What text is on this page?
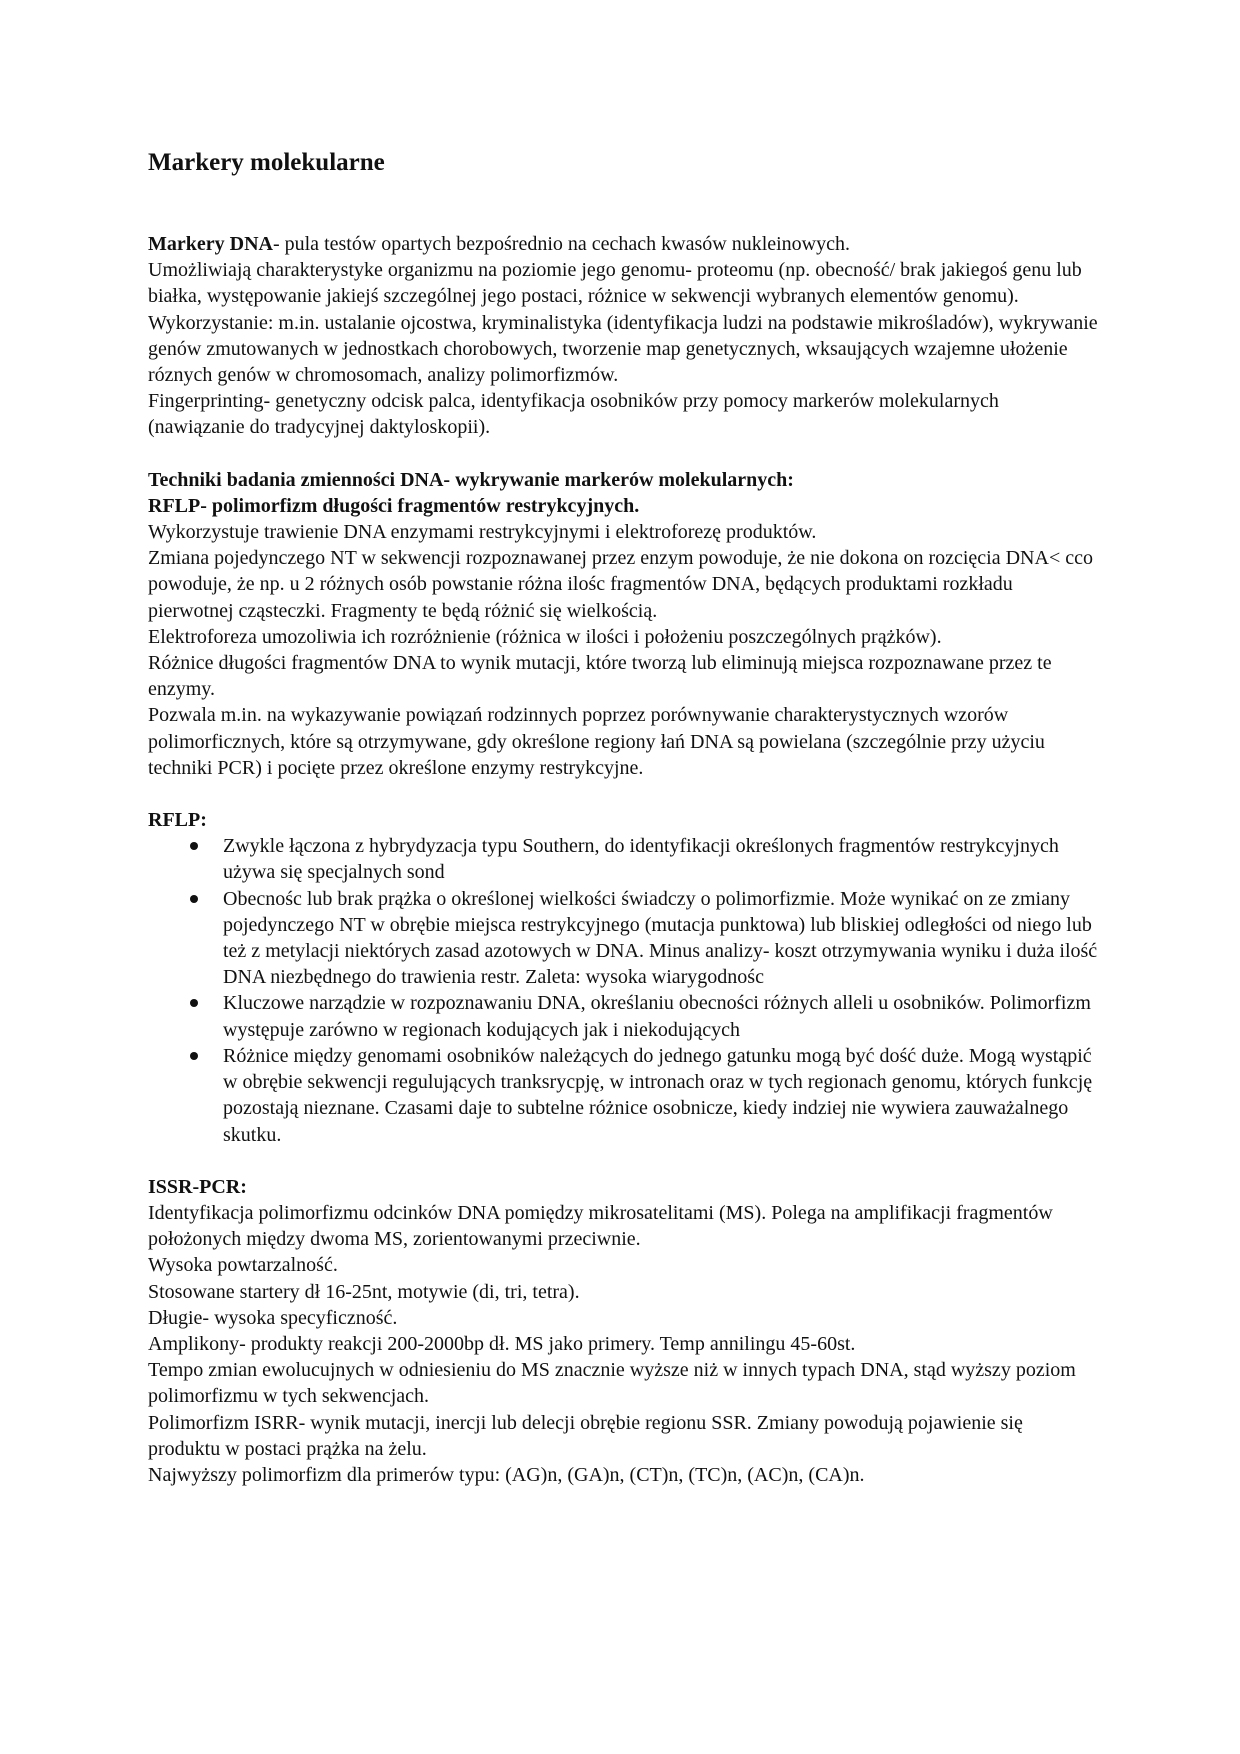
Markery molekularne

Markery DNA- pula testów opartych bezpośrednio na cechach kwasów nukleinowych.

Umożliwiają charakterystyke organizmu na poziomie jego genomu- proteomu (np. obecność/ brak jakiegoś genu lub białka, występowanie jakiejś szczególnej jego postaci, różnice w sekwencji wybranych elementów genomu).

Wykorzystanie: m.in. ustalanie ojcostwa, kryminalistyka (identyfikacja ludzi na podstawie mikrośladów), wykrywanie genów zmutowanych w jednostkach chorobowych, tworzenie map genetycznych, wksaujących wzajemne ułożenie róznych genów w chromosomach, analizy polimorfizmów.

Fingerprinting- genetyczny odcisk palca, identyfikacja osobników przy pomocy markerów molekularnych (nawiązanie do tradycyjnej daktyloskopii).

Techniki badania zmienności DNA- wykrywanie markerów molekularnych:

RFLP- polimorfizm długości fragmentów restrykcyjnych.

Wykorzystuje trawienie DNA enzymami restrykcyjnymi i elektroforezę produktów.

Zmiana pojedynczego NT w sekwencji rozpoznawanej przez enzym powoduje, że nie dokona on rozcięcia DNA< cco powoduje, że np. u 2 różnych osób powstanie różna ilośc fragmentów DNA, będących produktami rozkładu pierwotnej cząsteczki. Fragmenty te będą różnić się wielkością.

Elektroforeza umozoliwia ich rozróżnienie (różnica w ilości i położeniu poszczególnych prążków).

Różnice długości fragmentów DNA to wynik mutacji, które tworzą lub eliminują miejsca rozpoznawane przez te enzymy.

Pozwala m.in. na wykazywanie powiązań rodzinnych poprzez porównywanie charakterystycznych wzorów polimorficznych, które są otrzymywane, gdy określone regiony łań DNA są powielana (szczególnie przy użyciu techniki PCR) i pocięte przez określone enzymy restrykcyjne.

RFLP:

Zwykle łączona z hybrydyzacja typu Southern, do identyfikacji określonych fragmentów restrykcyjnych używa się specjalnych sond
Obecnośc lub brak prążka o określonej wielkości świadczy o polimorfizmie. Może wynikać on ze zmiany pojedynczego NT w obrębie miejsca restrykcyjnego (mutacja punktowa) lub bliskiej odległości od niego lub też z metylacji niektórych zasad azotowych w DNA. Minus analizy- koszt otrzymywania wyniku i duża ilość DNA niezbędnego do trawienia restr. Zaleta: wysoka wiarygodnośc
Kluczowe narządzie w rozpoznawaniu DNA, określaniu obecności różnych alleli u osobników. Polimorfizm występuje zarówno w regionach kodujących jak i niekodujących
Różnice między genomami osobników należących do jednego gatunku mogą być dość duże. Mogą wystąpić w obrębie sekwencji regulujących tranksrycpję, w intronach oraz w tych regionach genomu, których funkcję pozostają nieznane. Czasami daje to subtelne różnice osobnicze, kiedy indziej nie wywiera zauważalnego skutku.

ISSR-PCR:

Identyfikacja polimorfizmu odcinków DNA pomiędzy mikrosatelitami (MS). Polega na amplifikacji fragmentów położonych między dwoma MS, zorientowanymi przeciwnie.

Wysoka powtarzalność.

Stosowane startery dł 16-25nt, motywie (di, tri, tetra).

Długie- wysoka specyficzność.

Amplikony- produkty reakcji 200-2000bp dł. MS jako primery. Temp annilingu 45-60st.

Tempo zmian ewolucujnych w odniesieniu do MS znacznie wyższe niż w innych typach DNA, stąd wyższy poziom polimorfizmu w tych sekwencjach.

Polimorfizm ISRR- wynik mutacji, inercji lub delecji obrębie regionu SSR. Zmiany powodują pojawienie się produktu w postaci prążka na żelu.

Najwyższy polimorfizm dla primerów typu: (AG)n, (GA)n, (CT)n, (TC)n, (AC)n, (CA)n.
